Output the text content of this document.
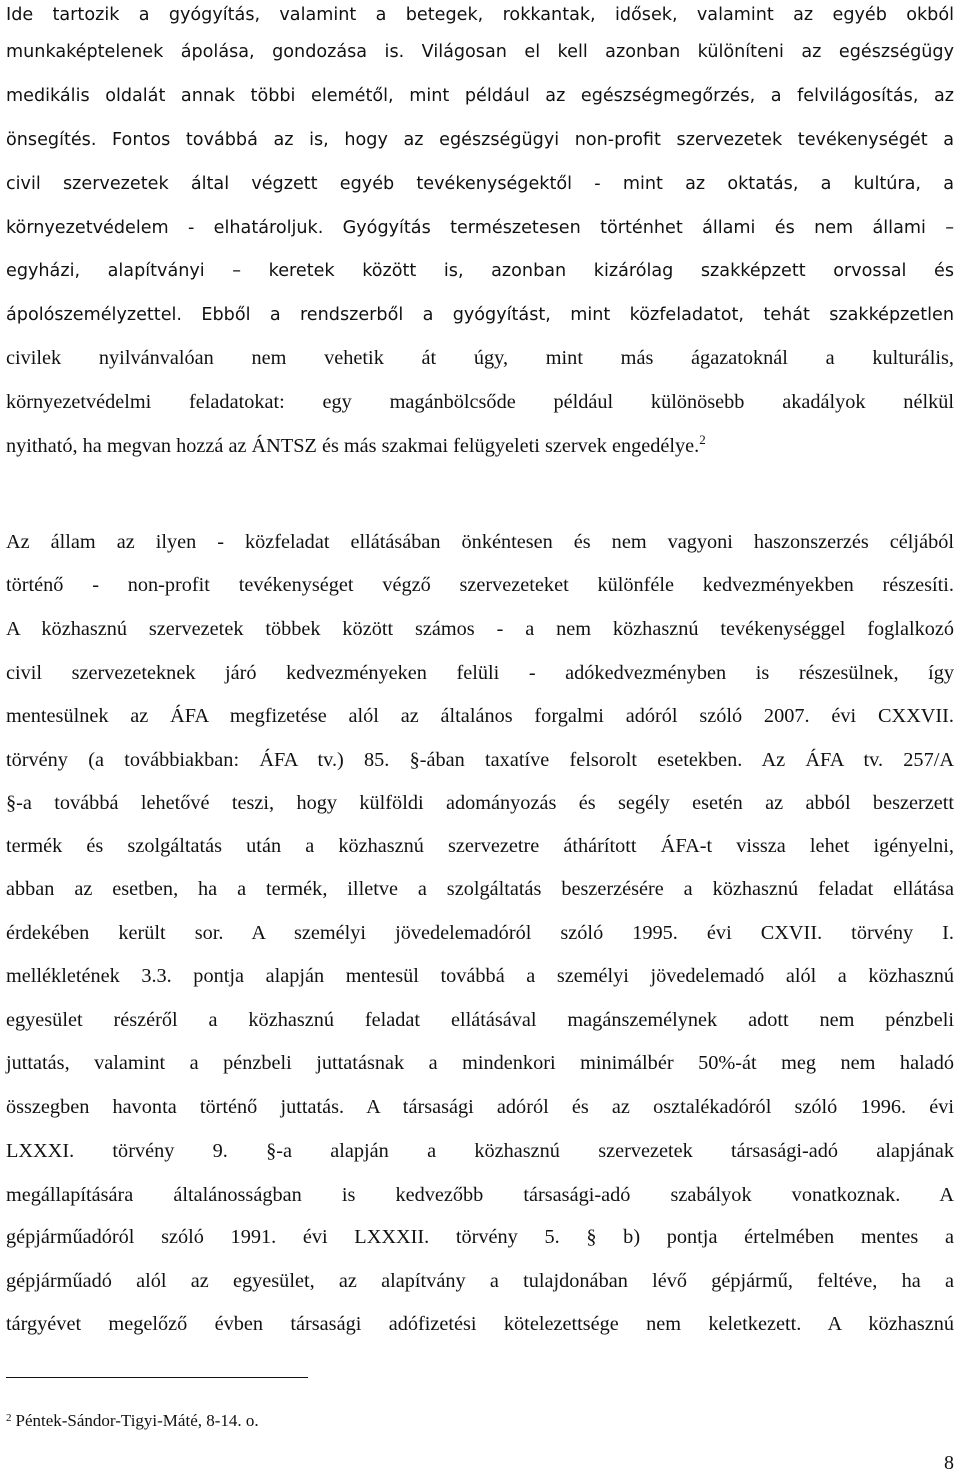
Ide tartozik a gyógyítás, valamint a betegek, rokkantak, idősek, valamint az egyéb okból
munkaképtelenek ápolása, gondozása is. Világosan el kell azonban különíteni az egészségügy
medikális oldalát annak többi elemétől, mint például az egészségmegőrzés, a felvilágosítás, az
önsegítés. Fontos továbbá az is, hogy az egészségügyi non-profit szervezetek tevékenységét a
civil szervezetek által végzett egyéb tevékenységektől - mint az oktatás, a kultúra, a
környezetvédelem - elhatároljuk. Gyógyítás természetesen történhet állami és nem állami –
egyházi, alapítványi – keretek között is, azonban kizárólag szakképzett orvossal és
ápolószemélyzettel. Ebből a rendszerből a gyógyítást, mint közfeladatot, tehát szakképzetlen
civilek nyilvánvalóan nem vehetik át úgy, mint más ágazatoknál a kulturális,
környezetvédelmi feladatokat: egy magánbölcsőde például különösebb akadályok nélkül
nyitható, ha megvan hozzá az ÁNTSZ és más szakmai felügyeleti szervek engedélye.$^2$
Az állam az ilyen - közfeladat ellátásában önkéntesen és nem vagyoni haszonszerzés céljából
történő - non-profit tevékenységet végző szervezeteket különféle kedvezményekben részesíti.
A közhasznú szervezetek többek között számos - a nem közhasznú tevékenységgel foglalkozó
civil szervezeteknek járó kedvezményeken felüli - adókedvezményben is részesülnek, így
mentesülnek az ÁFA megfizetése alól az általános forgalmi adóról szóló 2007. évi CXXVII.
törvény (a továbbiakban: ÁFA tv.) 85. §-ában taxatíve felsorolt esetekben. Az ÁFA tv. 257/A
§-a továbbá lehetővé teszi, hogy külföldi adományozás és segély esetén az abból beszerzett
termék és szolgáltatás után a közhasznú szervezetre áthárított ÁFA-t vissza lehet igényelni,
abban az esetben, ha a termék, illetve a szolgáltatás beszerzésére a közhasznú feladat ellátása
érdekében került sor. A személyi jövedelemadóról szóló 1995. évi CXVII. törvény I.
mellékletének 3.3. pontja alapján mentesül továbbá a személyi jövedelemadó alól a közhasznú
egyesület részéről a közhasznú feladat ellátásával magánszemélynek adott nem pénzbeli
juttatás, valamint a pénzbeli juttatásnak a mindenkori minimálbér 50%-át meg nem haladó
összegben havonta történő juttatás. A társasági adóról és az osztalékadóról szóló 1996. évi
LXXXI. törvény 9. §-a alapján a közhasznú szervezetek társasági-adó alapjának
megállapítására általánosságban is kedvezőbb társasági-adó szabályok vonatkoznak. A
gépjárműadóról szóló 1991. évi LXXXII. törvény 5. § b) pontja értelmében mentes a
gépjárműadó alól az egyesület, az alapítvány a tulajdonában lévő gépjármű, feltéve, ha a
tárgyévet megelőző évben társasági adófizetési kötelezettsége nem keletkezett. A közhasznú
$^2$ Péntek-Sándor-Tigyi-Máté, 8-14. o.
8
